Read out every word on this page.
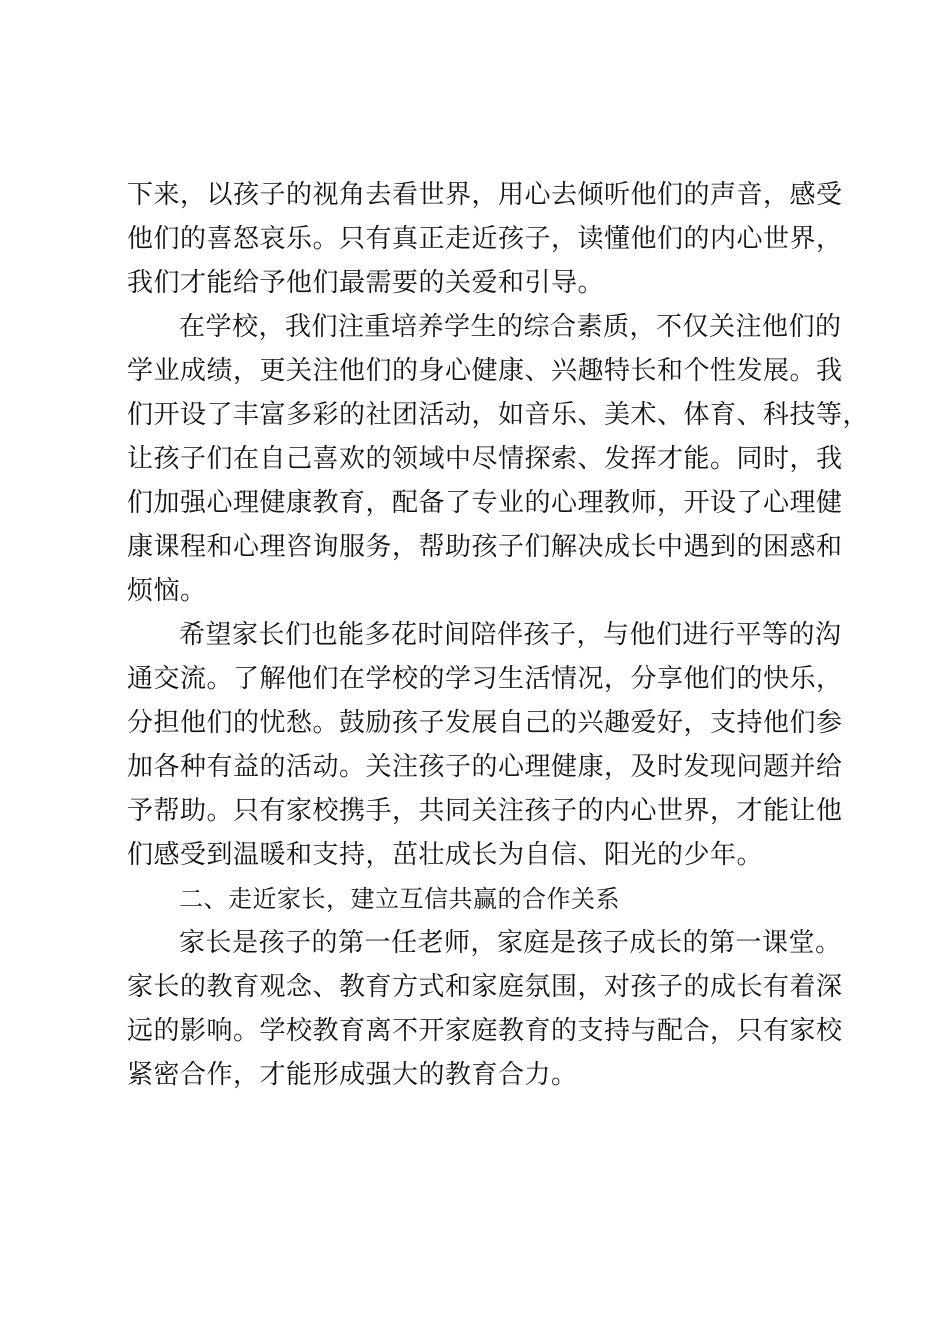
下来，以孩子的视角去看世界，用心去倾听他们的声音，感受
他们的喜怒哀乐。只有真正走近孩子，读懂他们的内心世界，
我们才能给予他们最需要的关爱和引导。
在学校，我们注重培养学生的综合素质，不仅关注他们的
学业成绩，更关注他们的身心健康、兴趣特长和个性发展。我
们开设了丰富多彩的社团活动，如音乐、美术、体育、科技等，
让孩子们在自己喜欢的领域中尽情探索、发挥才能。同时，我
们加强心理健康教育，配备了专业的心理教师，开设了心理健
康课程和心理咨询服务，帮助孩子们解决成长中遇到的困惑和
烦恼。
希望家长们也能多花时间陪伴孩子，与他们进行平等的沟
通交流。了解他们在学校的学习生活情况，分享他们的快乐，
分担他们的忧愁。鼓励孩子发展自己的兴趣爱好，支持他们参
加各种有益的活动。关注孩子的心理健康，及时发现问题并给
予帮助。只有家校携手，共同关注孩子的内心世界，才能让他
们感受到温暖和支持，茁壮成长为自信、阳光的少年。
二、走近家长，建立互信共赢的合作关系
家长是孩子的第一任老师，家庭是孩子成长的第一课堂。
家长的教育观念、教育方式和家庭氛围，对孩子的成长有着深
远的影响。学校教育离不开家庭教育的支持与配合，只有家校
紧密合作，才能形成强大的教育合力。
